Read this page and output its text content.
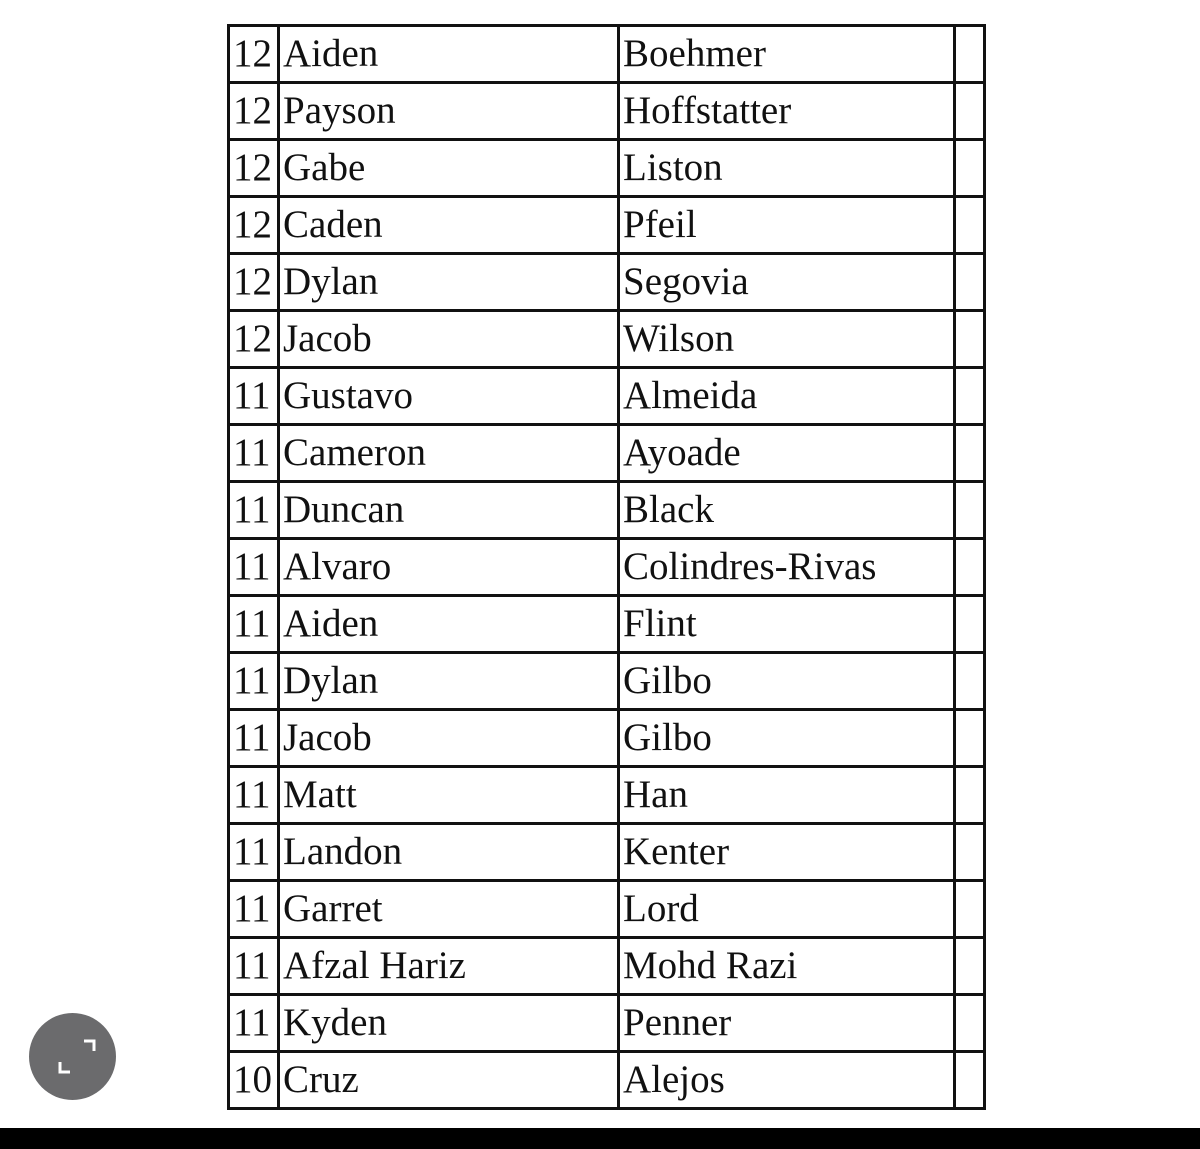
12	Aiden	Boehmer	
12	Payson	Hoffstatter	
12	Gabe	Liston	
12	Caden	Pfeil	
12	Dylan	Segovia	
12	Jacob	Wilson	
11	Gustavo	Almeida	
11	Cameron	Ayoade	
11	Duncan	Black	
11	Alvaro	Colindres-Rivas	
11	Aiden	Flint	
11	Dylan	Gilbo	
11	Jacob	Gilbo	
11	Matt	Han	
11	Landon	Kenter	
11	Garret	Lord	
11	Afzal Hariz	Mohd Razi	
11	Kyden	Penner	
10	Cruz	Alejos	
